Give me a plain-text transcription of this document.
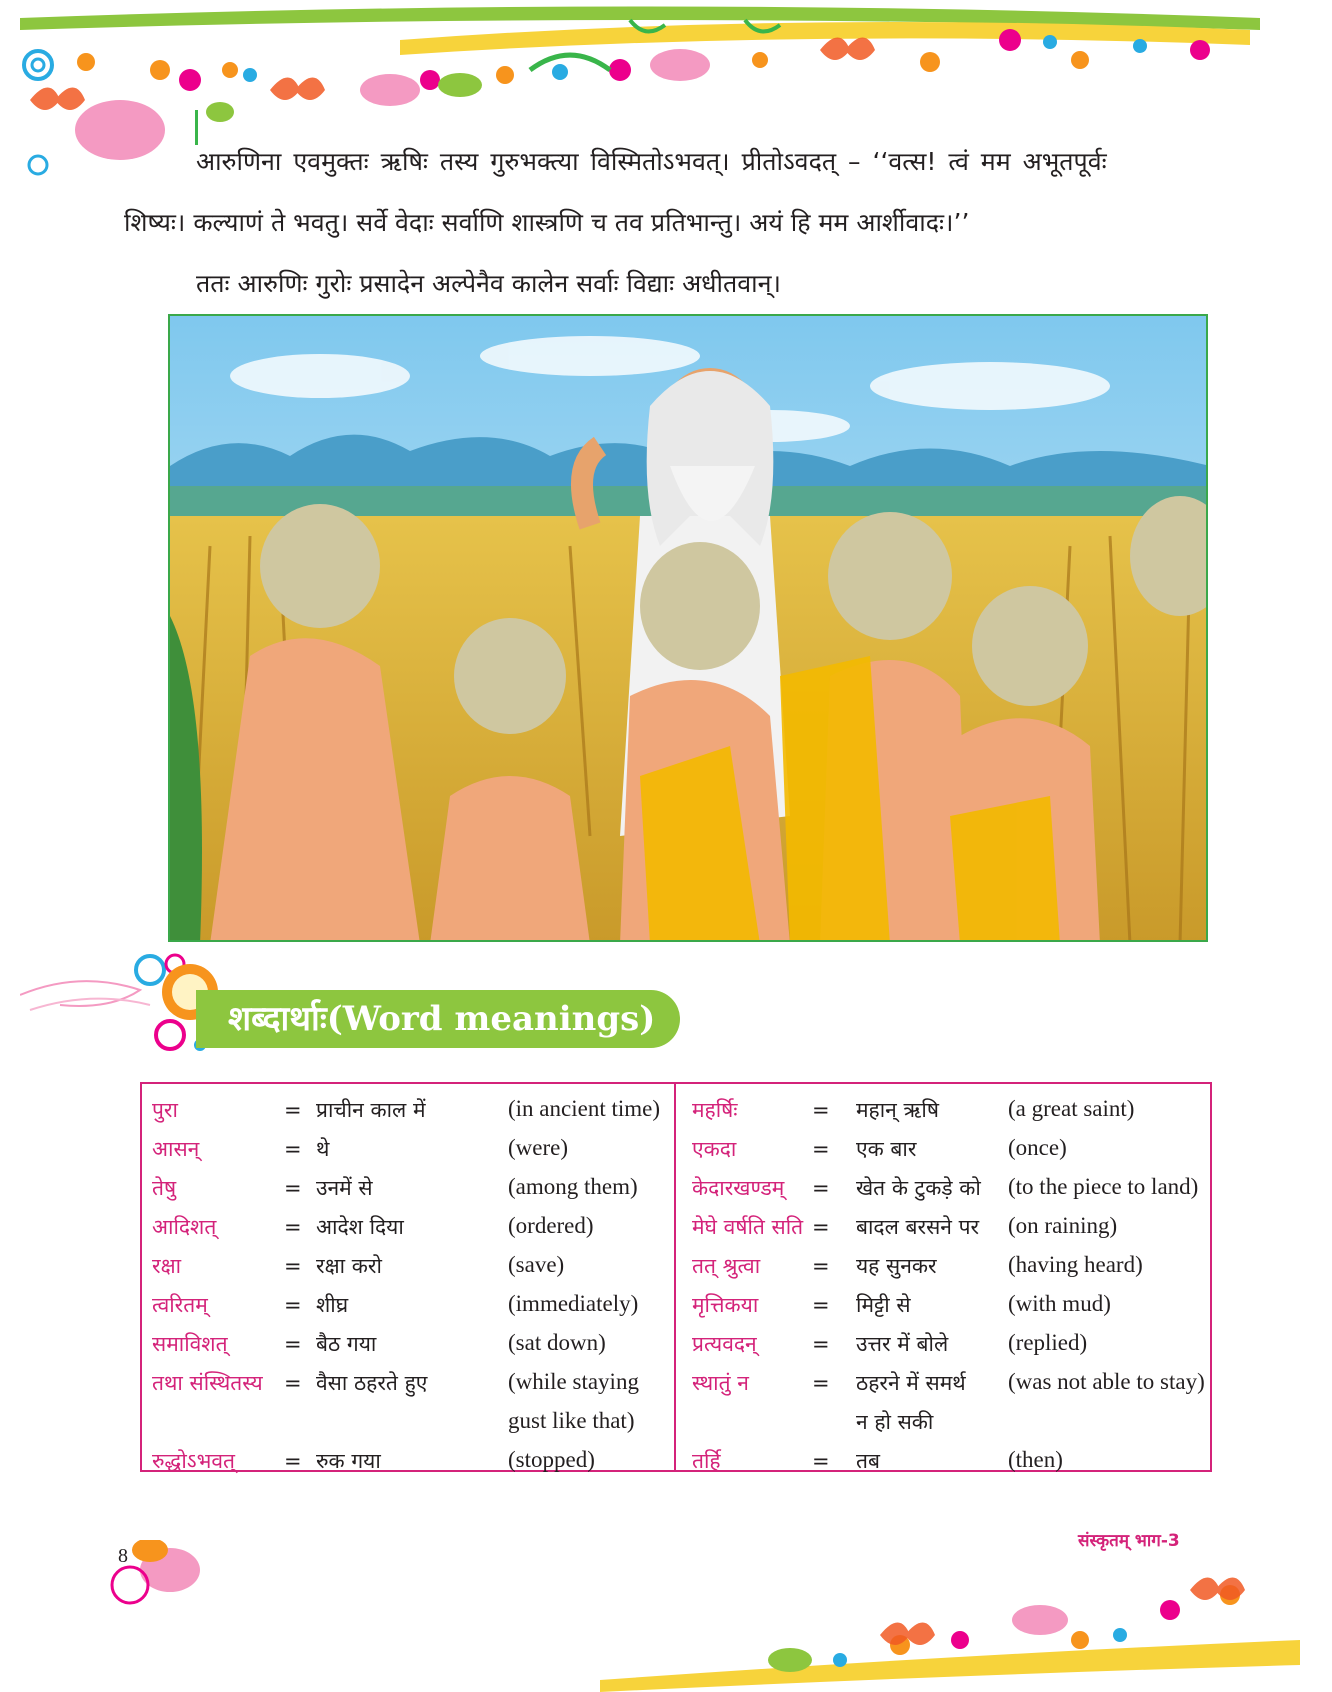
आरुणिना एवमुक्तः ऋषिः तस्य गुरुभक्त्या विस्मितोऽभवत्। प्रीतोऽवदत् – ‘‘वत्स! त्वं मम अभूतपूर्वः
शिष्यः। कल्याणं ते भवतु। सर्वे वेदाः सर्वाणि शास्त्रणि च तव प्रतिभान्तु। अयं हि मम आर्शीवादः।’’
ततः आरुणिः गुरोः प्रसादेन अल्पेनैव कालेन सर्वाः विद्याः अधीतवान्।
शब्दार्थाः(Word meanings)
पुरा	= प्राचीन काल में	(in ancient time)
आसन्	= थे	(were)
तेषु	= उनमें से	(among them)
आदिशत्	= आदेश दिया	(ordered)
रक्षा	= रक्षा करो	(save)
त्वरितम्	= शीघ्र	(immediately)
समाविशत्	= बैठ गया	(sat down)
तथा संस्थितस्य = वैसा ठहरते हुए	(while staying
gust like that)
रुद्धोऽभवत् = रुक गया	(stopped)
महर्षिः	= महान् ऋषि	(a great saint)
एकदा	= एक बार	(once)
केदारखण्डम् = खेत के टुकड़े को (to the piece to land)
मेघे वर्षति सति = बादल बरसने पर (on raining)
तत् श्रुत्वा = यह सुनकर	(having heard)
मृत्तिकया	= मिट्टी से	(with mud)
प्रत्यवदन्	= उत्तर में बोले	(replied)
स्थातुं न	= ठहरने में समर्थ (was not able to stay)
न हो सकी
तर्हि	= तब	(then)
8
संस्कृतम् भाग-3
